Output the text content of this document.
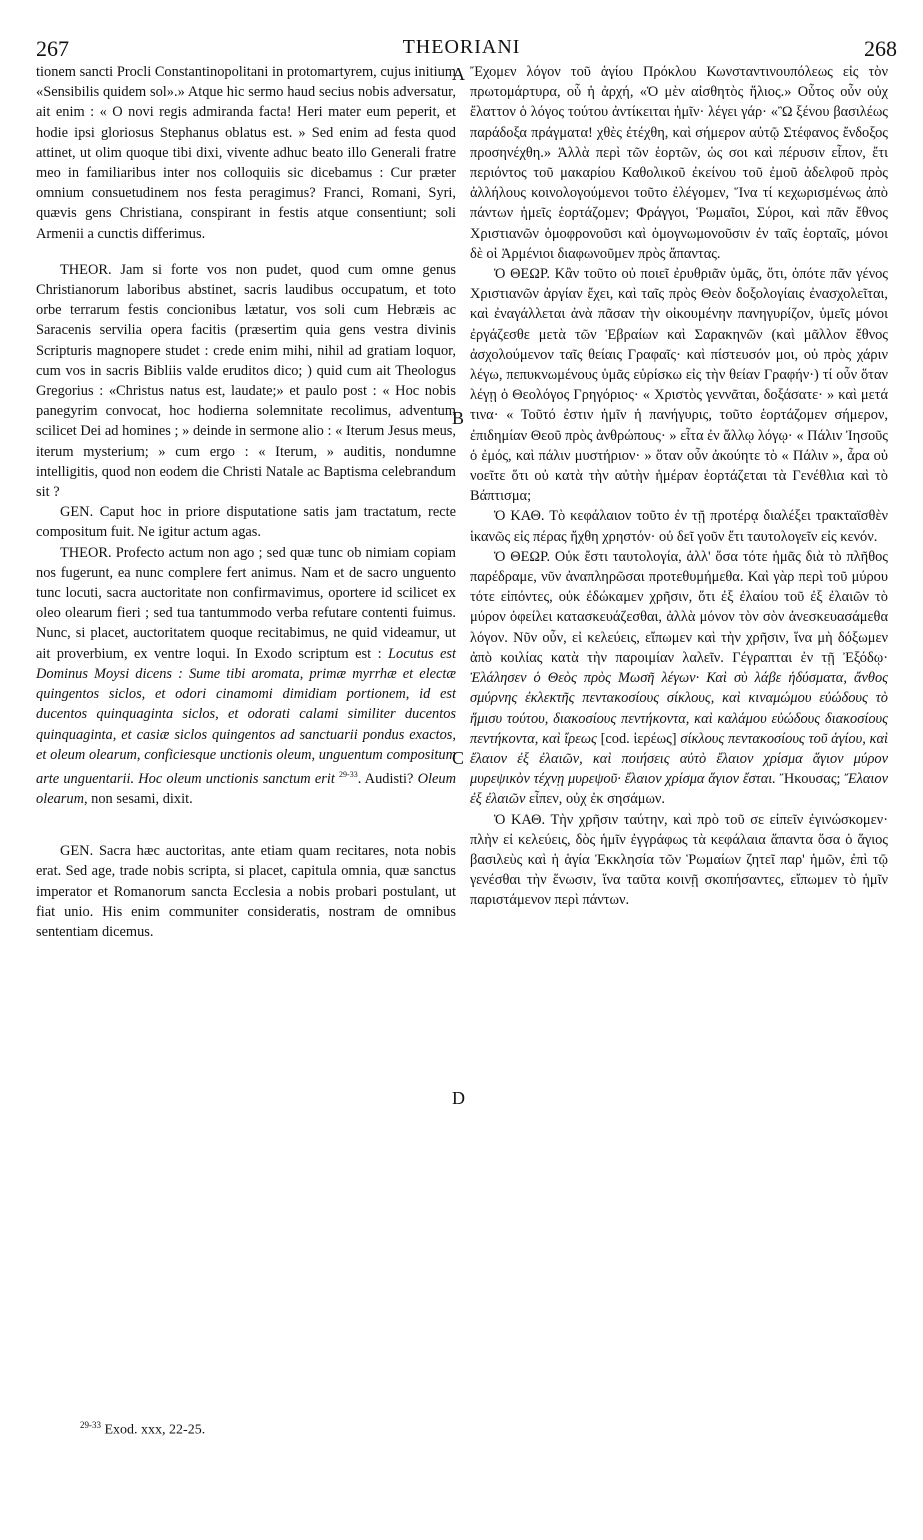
267	THEORIANI	268
A
B
C
D

tionem sancti Procli Constantinopolitani in protomartyrem, cujus initium «Sensibilis quidem sol».» Atque hic sermo haud secius nobis adversatur, ait enim : « O novi regis admiranda facta! Heri mater eum peperit, et hodie ipsi gloriosus Stephanus oblatus est. » Sed enim ad festa quod attinet, ut olim quoque tibi dixi, vivente adhuc beato illo Generali fratre meo in familiaribus inter nos colloquiis sic dicebamus : Cur præter omnium consuetudinem nos festa peragimus? Franci, Romani, Syri, quævis gens Christiana, conspirant in festis atque consentiunt; soli Armenii a cunctis differimus.

THEOR. Jam si forte vos non pudet, quod cum omne genus Christianorum laboribus abstinet, sacris laudibus occupatum, et toto orbe terrarum festis concionibus lætatur, vos soli cum Hebræis ac Saracenis servilia opera facitis (præsertim quia gens vestra divinis Scripturis magnopere studet : crede enim mihi, nihil ad gratiam loquor, cum vos in sacris Bibliis valde eruditos dico; ) quid cum ait Theologus Gregorius : «Christus natus est, laudate;» et paulo post : « Hoc nobis panegyrim convocat, hoc hodierna solemnitate recolimus, adventum scilicet Dei ad homines ; » deinde in sermone alio : « Iterum Jesus meus, iterum mysterium; » cum ergo : « Iterum, » auditis, nondumne intelligitis, quod non eodem die Christi Natale ac Baptisma celebrandum sit ?

GEN. Caput hoc in priore disputatione satis jam tractatum, recte compositum fuit. Ne igitur actum agas.

THEOR. Profecto actum non ago ; sed quæ tunc ob nimiam copiam nos fugerunt, ea nunc complere fert animus. Nam et de sacro unguento tunc locuti, sacra auctoritate non confirmavimus, oportere id scilicet ex oleo olearum fieri ; sed tua tantummodo verba refutare contenti fuimus. Nunc, si placet, auctoritatem quoque recitabimus, ne quid videamur, ut ait proverbium, ex ventre loqui. In Exodo scriptum est : Locutus est Dominus Moysi dicens : Sume tibi aromata, primæ myrrhæ et electæ quingentos siclos, et odori cinamomi dimidiam portionem, id est ducentos quinquaginta siclos, et odorati calami similiter ducentos quinquaginta, et casiæ siclos quingentos ad sanctuarii pondus exactos, et oleum olearum, conficiesque unctionis oleum, unguentum compositum arte unguentarii. Hoc oleum unctionis sanctum erit $^{29-33}$. Audisti? Oleum olearum, non sesami, dixit.

GEN. Sacra hæc auctoritas, ante etiam quam recitares, nota nobis erat. Sed age, trade nobis scripta, si placet, capitula omnia, quæ sanctus imperator et Romanorum sancta Ecclesia a nobis probari postulant, ut fiat unio. His enim communiter consideratis, nostram de omnibus sententiam dicemus.

Ἔχομεν λόγον τοῦ ἁγίου Πρόκλου Κωνσταντινουπόλεως εἰς τὸν πρωτομάρτυρα, οὗ ἡ ἀρχή, «Ὁ μὲν αἰσθητὸς ἥλιος.» Οὗτος οὖν οὐχ ἔλαττον ὁ λόγος τούτου ἀντίκειται ἡμῖν· λέγει γάρ· «Ὢ ξένου βασιλέως παράδοξα πράγματα! χθὲς ἐτέχθη, καὶ σήμερον αὐτῷ Στέφανος ἔνδοξος προσηνέχθη.» Ἀλλὰ περὶ τῶν ἑορτῶν, ὡς σοι καὶ πέρυσιν εἶπον, ἔτι περιόντος τοῦ μακαρίου Καθολικοῦ ἐκείνου τοῦ ἐμοῦ ἀδελφοῦ πρὸς ἀλλήλους κοινολογούμενοι τοῦτο ἐλέγομεν, Ἵνα τί κεχωρισμένως ἀπὸ πάντων ἡμεῖς ἑορτάζομεν; Φράγγοι, Ῥωμαῖοι, Σύροι, καὶ πᾶν ἔθνος Χριστιανῶν ὁμοφρονοῦσι καὶ ὁμογνωμονοῦσιν ἐν ταῖς ἑορταῖς, μόνοι δὲ οἱ Ἀρμένιοι διαφωνοῦμεν πρὸς ἅπαντας.

Ὁ ΘΕΩΡ. Κἂν τοῦτο οὐ ποιεῖ ἐρυθριᾶν ὑμᾶς, ὅτι, ὁπότε πᾶν γένος Χριστιανῶν ἀργίαν ἔχει, καὶ ταῖς πρὸς Θεὸν δοξολογίαις ἐνασχολεῖται, καὶ ἐναγάλλεται ἀνὰ πᾶσαν τὴν οἰκουμένην πανηγυρίζον, ὑμεῖς μόνοι ἐργάζεσθε μετὰ τῶν Ἑβραίων καὶ Σαρακηνῶν (καὶ μᾶλλον ἔθνος ἀσχολούμενον ταῖς θείαις Γραφαῖς· καὶ πίστευσόν μοι, οὐ πρὸς χάριν λέγω, πεπυκνωμένους ὑμᾶς εὑρίσκω εἰς τὴν θείαν Γραφήν·) τί οὖν ὅταν λέγῃ ὁ Θεολόγος Γρηγόριος· « Χριστὸς γεννᾶται, δοξάσατε· » καὶ μετά τινα· « Τοῦτό ἐστιν ἡμῖν ἡ πανήγυρις, τοῦτο ἑορτάζομεν σήμερον, ἐπιδημίαν Θεοῦ πρὸς ἀνθρώπους· » εἶτα ἐν ἄλλῳ λόγῳ· « Πάλιν Ἰησοῦς ὁ ἐμός, καὶ πάλιν μυστήριον· » ὅταν οὖν ἀκούητε τὸ « Πάλιν », ἆρα οὐ νοεῖτε ὅτι οὐ κατὰ τὴν αὐτὴν ἡμέραν ἑορτάζεται τὰ Γενέθλια καὶ τὸ Βάπτισμα;

Ὁ ΚΑΘ. Τὸ κεφάλαιον τοῦτο ἐν τῇ προτέρᾳ διαλέξει τρακταϊσθὲν ἱκανῶς εἰς πέρας ἤχθη χρηστόν· οὐ δεῖ γοῦν ἔτι ταυτολογεῖν εἰς κενόν.

Ὁ ΘΕΩΡ. Οὐκ ἔστι ταυτολογία, ἀλλ' ὅσα τότε ἡμᾶς διὰ τὸ πλῆθος παρέδραμε, νῦν ἀναπληρῶσαι προτεθυμήμεθα. Καὶ γὰρ περὶ τοῦ μύρου τότε εἰπόντες, οὐκ ἐδώκαμεν χρῆσιν, ὅτι ἐξ ἐλαίου τοῦ ἐξ ἐλαιῶν τὸ μύρον ὀφείλει κατασκευάζεσθαι, ἀλλὰ μόνον τὸν σὸν ἀνεσκευασάμεθα λόγον. Νῦν οὖν, εἰ κελεύεις, εἴπωμεν καὶ τὴν χρῆσιν, ἵνα μὴ δόξωμεν ἀπὸ κοιλίας κατὰ τὴν παροιμίαν λαλεῖν. Γέγραπται ἐν τῇ Ἐξόδῳ· Ἐλάλησεν ὁ Θεὸς πρὸς Μωσῆ λέγων· Καὶ σὺ λάβε ἡδύσματα, ἄνθος σμύρνης ἐκλεκτῆς πεντακοσίους σίκλους, καὶ κιναμώμου εὐώδους τὸ ἥμισυ τούτου, διακοσίους πεντήκοντα, καὶ καλάμου εὐώδους διακοσίους πεντήκοντα, καὶ ἴρεως [cod. ἱερέως] σίκλους πεντακοσίους τοῦ ἁγίου, καὶ ἔλαιον ἐξ ἐλαιῶν, καὶ ποιήσεις αὐτὸ ἔλαιον χρίσμα ἅγιον μύρον μυρεψικὸν τέχνῃ μυρεψοῦ· ἔλαιον χρίσμα ἅγιον ἔσται. Ἤκουσας; Ἔλαιον ἐξ ἐλαιῶν εἶπεν, οὐχ ἐκ σησάμων.

Ὁ ΚΑΘ. Τὴν χρῆσιν ταύτην, καὶ πρὸ τοῦ σε εἰπεῖν ἐγινώσκομεν· πλὴν εἰ κελεύεις, δὸς ἡμῖν ἐγγράφως τὰ κεφάλαια ἅπαντα ὅσα ὁ ἅγιος βασιλεὺς καὶ ἡ ἁγία Ἐκκλησία τῶν Ῥωμαίων ζητεῖ παρ' ἡμῶν, ἐπὶ τῷ γενέσθαι τὴν ἕνωσιν, ἵνα ταῦτα κοινῇ σκοπήσαντες, εἴπωμεν τὸ ἡμῖν παριστάμενον περὶ πάντων.

$^{29-33}$ Exod. xxx, 22-25.
